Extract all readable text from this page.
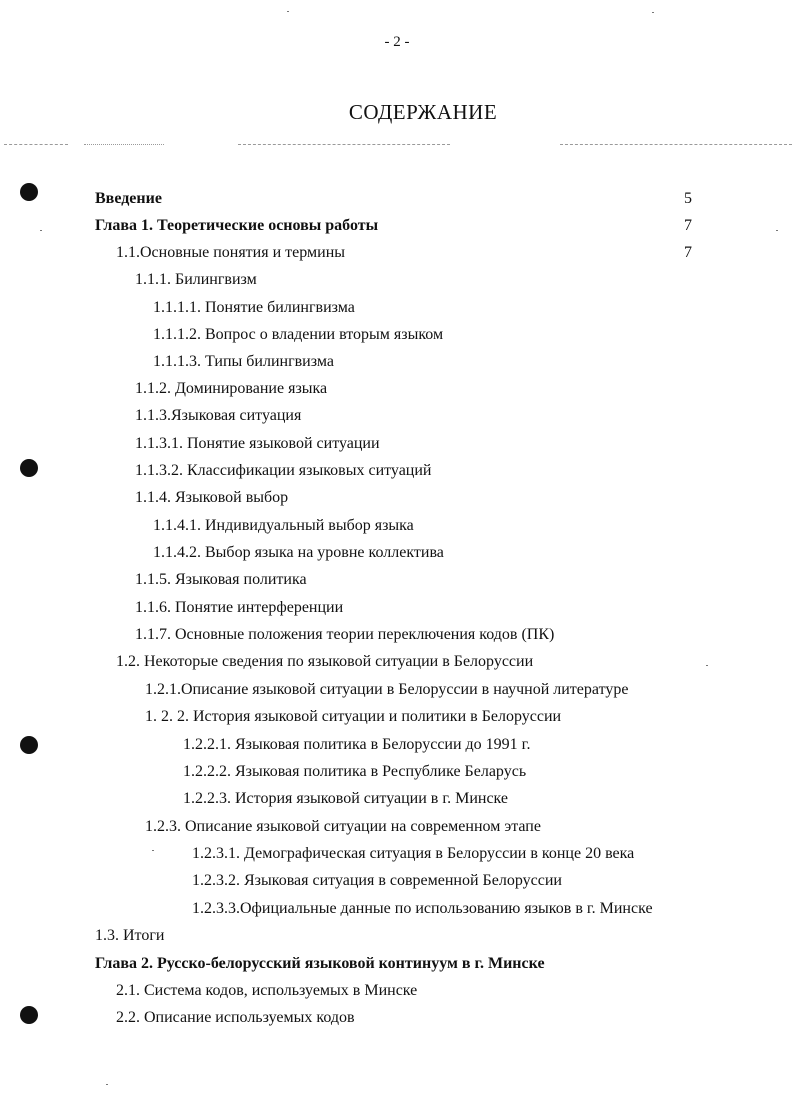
- 2 -
СОДЕРЖАНИЕ
Введение	5
Глава 1. Теоретические основы работы	7
1.1.Основные понятия и термины	7
1.1.1. Билингвизм
1.1.1.1. Понятие билингвизма
1.1.1.2. Вопрос о владении вторым языком
1.1.1.3. Типы билингвизма
1.1.2. Доминирование языка
1.1.3.Языковая ситуация
1.1.3.1. Понятие языковой ситуации
1.1.3.2. Классификации языковых ситуаций
1.1.4. Языковой выбор
1.1.4.1. Индивидуальный выбор языка
1.1.4.2. Выбор языка на уровне коллектива
1.1.5. Языковая политика
1.1.6. Понятие интерференции
1.1.7. Основные положения теории переключения кодов (ПК)
1.2. Некоторые сведения по языковой ситуации в Белоруссии
1.2.1.Описание языковой ситуации в Белоруссии в научной литературе
1. 2. 2. История языковой ситуации и политики в Белоруссии
1.2.2.1. Языковая политика в Белоруссии до 1991 г.
1.2.2.2. Языковая политика в Республике Беларусь
1.2.2.3. История языковой ситуации в г. Минске
1.2.3. Описание языковой ситуации на современном этапе
1.2.3.1. Демографическая ситуация в Белоруссии в конце 20 века
1.2.3.2. Языковая ситуация в современной Белоруссии
1.2.3.3.Официальные данные по использованию языков в г. Минске
1.3. Итоги
Глава 2. Русско-белорусский языковой континуум в г. Минске
2.1. Система кодов, используемых в Минске
2.2. Описание используемых кодов
